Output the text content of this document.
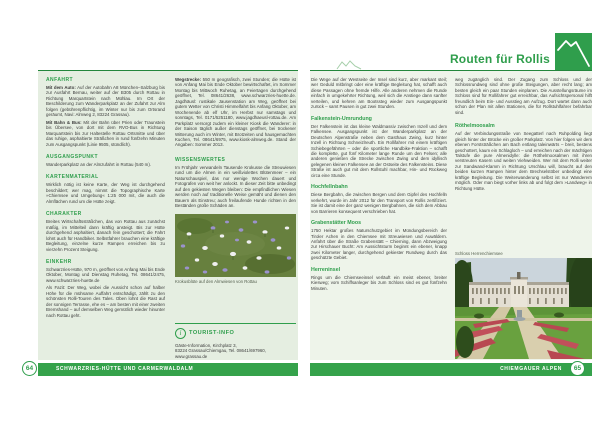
Routen für Rollis
ANFAHRT

Mit dem Auto: Auf der Autobahn A8 München–Salzburg bis zur Ausfahrt Bernau, weiter auf der B305 durch Rottau in Richtung Marquartstein nach Mühlau. Im Ort der Beschilderung zum Wanderparkplatz an der Zufahrt zur Alm folgen (gebührenpflichtig, im Winter nur bis zum Ortsrand geräumt, Navi: Almweg 2, 83224 Grassau).

Mit Bahn & Bus: Mit der Bahn über Prien oder Traunstein bis Übersee, von dort mit dem RVO-Bus in Richtung Marquartstein bis zur Haltestelle Rottau Ortsmitte und über das ruhige, asphaltierte Sträßchen in rund fünfzehn Minuten zum Ausgangspunkt (Linie 9505, stündlich).

AUSGANGSPUNKT

Wanderparkplatz an der Almzufahrt in Rottau (540 m).

KARTENMATERIAL

Wirklich nötig ist keine Karte, der Weg ist durchgehend beschildert; wer mag, nimmt die Topographische Karte »Chiemsee und Umgebung« 1:25 000 mit, die auch die Almflächen rund um die Hütte zeigt.

CHARAKTER

Breites Wirtschaftssträßchen, das von Rottau aus zunächst mäßig, im Mittelteil dann kräftig ansteigt. Bis zur Hütte durchgehend asphaltiert, danach fein geschottert; die Fahrt lohnt auch für Handbiker. Selbstfahrer brauchen eine kräftige Begleitung, einzelne kurze Rampen erreichen bis zu vierzehn Prozent Steigung.

EINKEHR

Schwarzries-Hütte, 970 m, geöffnet von Anfang Mai bis Ende Oktober, Montag und Dienstag Ruhetag, Tel. 08641/2475, www.schwarzries-huette.de

Als Fazit: Der Weg, wobei die Aussicht schon auf halber Höhe für die mühsame Auffahrt entschädigt, zählt zu den schönsten Rolli-Touren des Tales. Oben lohnt die Rast auf der sonnigen Terrasse, ehe es – am besten mit einer zweiten Bremshand – auf demselben Weg gemütlich wieder hinunter nach Rottau geht.

Wegstrecke: 550 m geografisch, zwei Stunden; die Hütte ist von Anfang Mai bis Ende Oktober bewirtschaftet, im Sommer Montag bis Mittwoch Ruhetag, an Feiertagen durchgehend geöffnet, Tel. 08641/2638, www.schwarzries-huette.de. Jagdhäusl: rustikale Jausenstation am Weg, geöffnet bei gutem Wetter von Christi Himmelfahrt bis Anfang Oktober, am Wochenende ab elf Uhr, im Herbst nur samstags und sonntags, Tel. 0171/5251180, www.jagdhaeusl-rottau.de. Am Parkplatz versorgt zudem ein kleiner Kiosk die Wanderer: in der Saison täglich außer dienstags geöffnet, bei trockener Witterung auch im Winter, mit Brotzeiten und hausgemachten Kuchen, Tel. 08641/6975, www.kiosk-almweg.de. Stand der Angaben: Sommer 2013.

WISSENSWERTES

Im Frühjahr verwandeln Tausende Krokusse die Streuwiesen rund um die Almen in ein weißviolettes Blütenmeer – ein Naturschauspiel, das nur wenige Wochen dauert und Fotografen von weit her anlockt. In dieser Zeit bitte unbedingt auf den gekiesten Wegen bleiben: Die empfindlichen Wiesen werden noch auf traditionelle Weise gemäht und dienen den Bauern als Einstreu; auch freilaufende Hunde richten in den Beständen große Schäden an.

Krokusblüte auf den Almwiesen von Rottau

i	TOURIST-INFO
Gäste-Information, Kirchplatz 3,
83224 Grassau/Chiemgau, Tel. 08641/697960,
www.grassau.de

Die Wege auf der Westseite der Insel sind kurz, aber markant steil; wer Geduld mitbringt oder eine kräftige Begleitung hat, schafft auch diese Passagen ohne fremde Hilfe. Alle anderen nehmen die Runde einfach in umgekehrter Richtung, weil sich die Anstiege dann sanfter verteilen, und kehren am Bootssteg wieder zum Ausgangspunkt zurück – samt Pausen in gut zwei Stunden.

Falkenstein-Umrundung

Der Falkenstein ist das kleine Waldmassiv zwischen Inzell und dem Falkensee. Ausgangspunkt ist der Wanderparkplatz an der Deutschen Alpenstraße neben dem Gasthaus Zwing, kurz hinter Inzell in Richtung Schneizlreuth. Ein Rollifahrer mit einem kräftigen Schiebegefährten – oder die sportliche Handbike-Fraktion – schafft die komplette, gut fünf Kilometer lange Runde um den Felsen; alle anderen genießen die Strecke zwischen Zwing und dem idyllisch gelegenen kleinen Falkensee an der Ostseite des Falkensteins. Diese Straße ist auch gut mit dem Rollstuhl machbar, Hin- und Rückweg circa eine Stunde.

Hochfellnbahn

Diese Bergbahn, die zwischen Bergen und dem Gipfel des Hochfelln verkehrt, wurde im Jahr 2012 für den Transport von Rollis zertifiziert. Sie ist damit eine der ganz wenigen Bergbahnen, die sich dem Abbau von Barrieren konsequent verschrieben hat.

Grabenstätter Moos

1750 Hektar großes Naturschutzgebiet im Mündungsbereich der Tiroler Achen in den Chiemsee mit Streuwiesen und Auwäldern. Anfahrt über die Straße Grabenstätt – Chieming, dann Abzweigung zur Hirschauer Bucht: Am Aussichtsturm beginnt ein ebener, knapp zwei Kilometer langer, durchgehend gekiester Rundweg durch das geschützte Gebiet.

Herreninsel

Rings um die Chiemseeinsel verläuft ein meist ebener, breiter Kiesweg; vom Schiffsanleger bis zum Schloss sind es gut fünfzehn Minuten.

weg zugänglich sind. Der Zugang zum Schloss und der Schlossrundweg sind ohne große Steigungen, aber recht lang; am besten gleich ein paar Stunden einplanen. Die Ausstellungsräume im Schloss sind für Rollifahrer gut erreichbar, das Aufsichtspersonal hilft freundlich beim Ein- und Ausstieg am Aufzug. Dort wartet dann auch schon der Plan mit allen Stationen, die für Rollstuhlfahrer befahrbar sind.

Röthelmoosalm

Auf der Verbindungsstraße von Seegatterl nach Ruhpolding liegt gleich hinter der Brücke ein großer Parkplatz. Von hier folgen wir dem ebenen Forststräßchen am Bach entlang taleinwärts – breit, bestens geschottert, kaum ein Schlagloch – und erreichen nach der mächtigen Talstufe die pure Almenidylle: die Röthelmoosalmen mit ihren verstreuten Kasern und weiten Viehweiden. Wer mit dem Rolli weiter zur Sandwand-Klamm in Richtung Urschlau will, braucht auf den beiden kurzen Rampen hinter dem Brechselstöber unbedingt eine kräftige Begleitung. Die Weiterwanderung selbst ist nur Wanderern möglich. Oder man biegt vorher links ab und folgt dem »Landweg« in Richtung Hütte.

Schloss Herrenchiemsee

SCHWARZRIES-HÜTTE UND CARMERWALDALM	CHIEMGAUER ALPEN
64	65
